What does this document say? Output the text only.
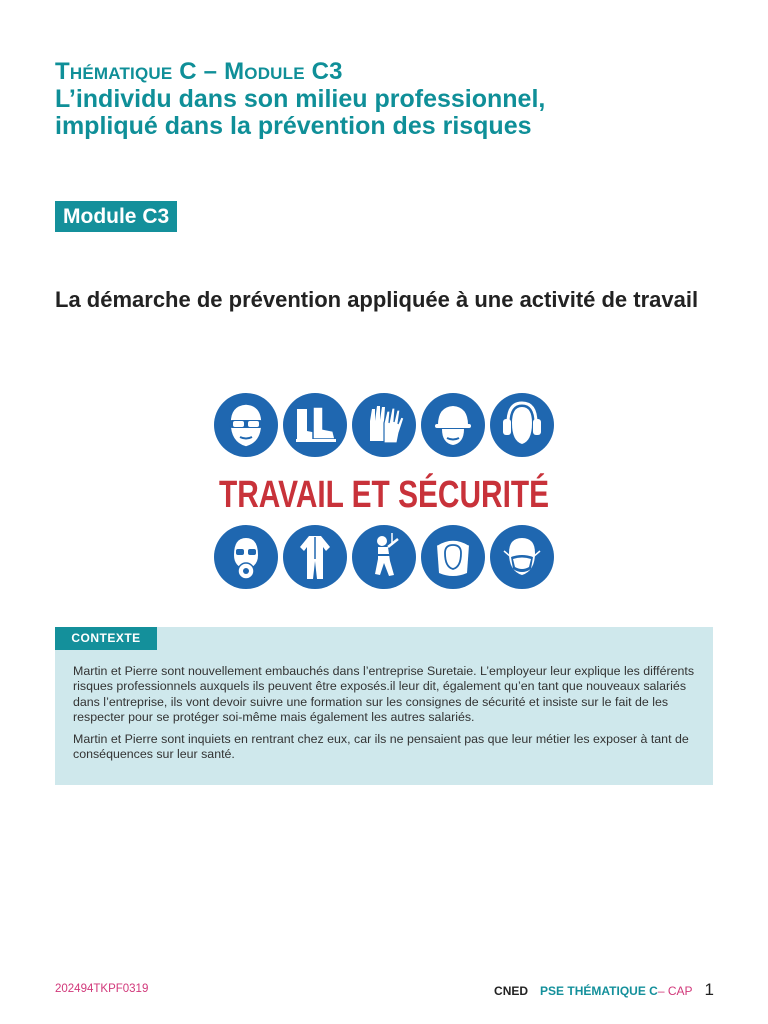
Thématique C – Module C3
L’individu dans son milieu professionnel,
impliqué dans la prévention des risques
Module C3
La démarche de prévention appliquée à une activité de travail
TRAVAIL ET SÉCURITÉ
CONTEXTE

Martin et Pierre sont nouvellement embauchés dans l’entreprise Suretaie. L’employeur leur explique les différents risques professionnels auxquels ils peuvent être exposés.il leur dit, également qu’en tant que nouveaux salariés dans l’entreprise, ils vont devoir suivre une formation sur les consignes de sécurité et insiste sur le fait de les respecter pour se protéger soi-même mais également les autres salariés.

Martin et Pierre sont inquiets en rentrant chez eux, car ils ne pensaient pas que leur métier les exposer à tant de conséquences sur leur santé.

202494TKPF0319	CNED PSE THÉMATIQUE C – CAP 1
